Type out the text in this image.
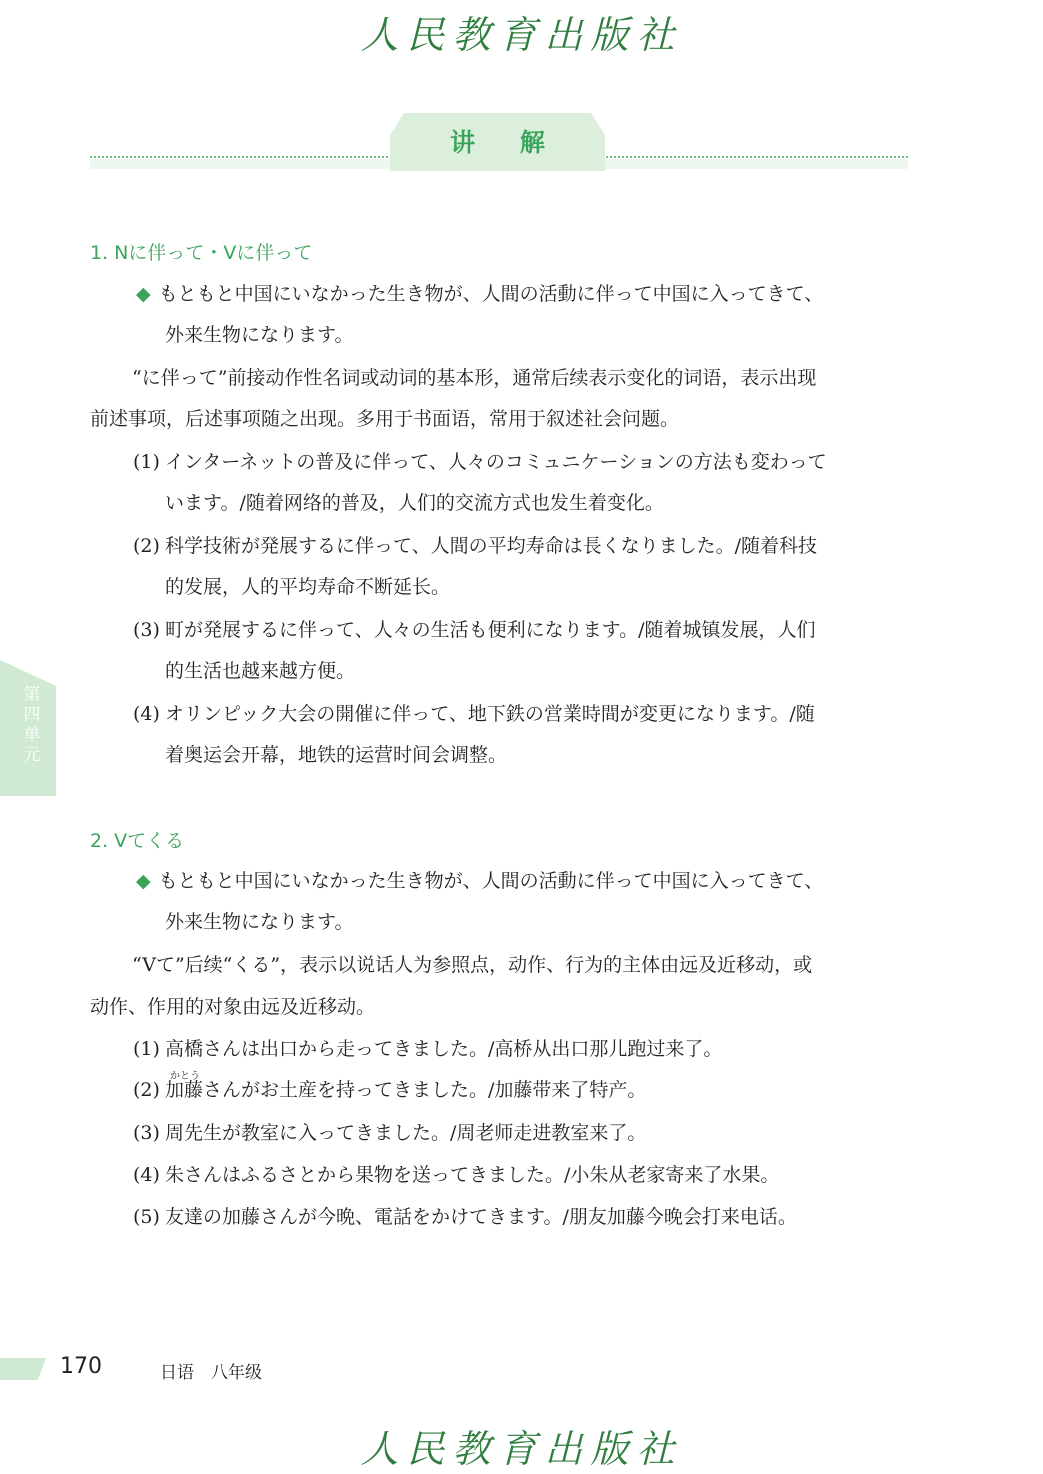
人民教育出版社
讲 解
第四单元
1. Nに伴って・Vに伴って
◆ もともと中国にいなかった生き物が、人間の活動に伴って中国に入ってきて、
外来生物になります。
“に伴って”前接动作性名词或动词的基本形，通常后续表示变化的词语，表示出现
前述事项，后述事项随之出现。多用于书面语，常用于叙述社会问题。
(1) インターネットの普及に伴って、人々のコミュニケーションの方法も変わって
います。/随着网络的普及，人们的交流方式也发生着变化。
(2) 科学技術が発展するに伴って、人間の平均寿命は長くなりました。/随着科技
的发展，人的平均寿命不断延长。
(3) 町が発展するに伴って、人々の生活も便利になります。/随着城镇发展，人们
的生活也越来越方便。
(4) オリンピック大会の開催に伴って、地下鉄の営業時間が変更になります。/随
着奥运会开幕，地铁的运营时间会调整。
2. Vてくる
◆ もともと中国にいなかった生き物が、人間の活動に伴って中国に入ってきて、
外来生物になります。
“Vて”后续“くる”，表示以说话人为参照点，动作、行为的主体由远及近移动，或
动作、作用的对象由远及近移动。
(1) 高橋さんは出口から走ってきました。/高桥从出口那儿跑过来了。
かとう
(2) 加藤さんがお土産を持ってきました。/加藤带来了特产。
(3) 周先生が教室に入ってきました。/周老师走进教室来了。
(4) 朱さんはふるさとから果物を送ってきました。/小朱从老家寄来了水果。
(5) 友達の加藤さんが今晩、電話をかけてきます。/朋友加藤今晚会打来电话。
170	日语　八年级
人民教育出版社
